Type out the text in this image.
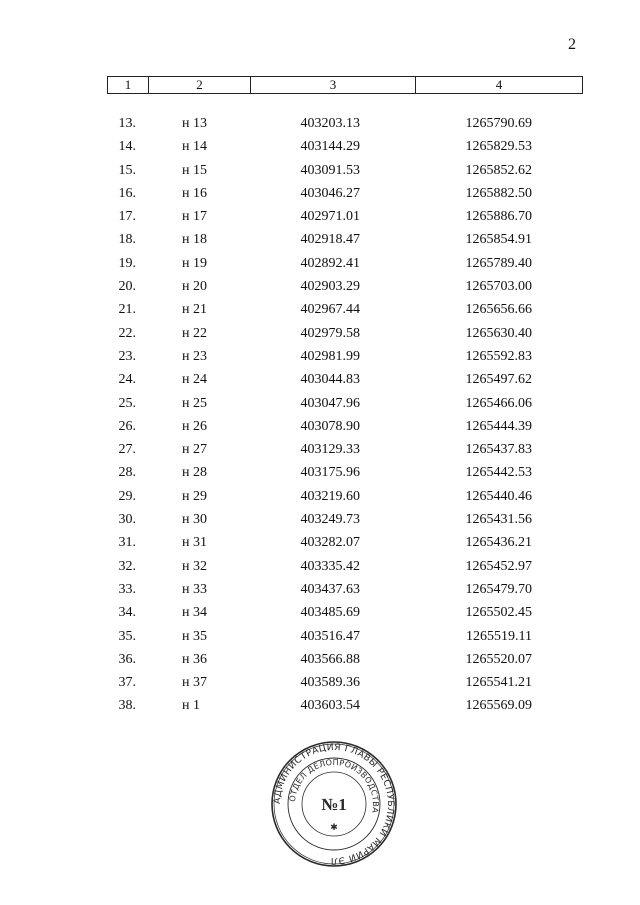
2
1	2	3	4
13.	н 13	403203.13	1265790.69
14.	н 14	403144.29	1265829.53
15.	н 15	403091.53	1265852.62
16.	н 16	403046.27	1265882.50
17.	н 17	402971.01	1265886.70
18.	н 18	402918.47	1265854.91
19.	н 19	402892.41	1265789.40
20.	н 20	402903.29	1265703.00
21.	н 21	402967.44	1265656.66
22.	н 22	402979.58	1265630.40
23.	н 23	402981.99	1265592.83
24.	н 24	403044.83	1265497.62
25.	н 25	403047.96	1265466.06
26.	н 26	403078.90	1265444.39
27.	н 27	403129.33	1265437.83
28.	н 28	403175.96	1265442.53
29.	н 29	403219.60	1265440.46
30.	н 30	403249.73	1265431.56
31.	н 31	403282.07	1265436.21
32.	н 32	403335.42	1265452.97
33.	н 33	403437.63	1265479.70
34.	н 34	403485.69	1265502.45
35.	н 35	403516.47	1265519.11
36.	н 36	403566.88	1265520.07
37.	н 37	403589.36	1265541.21
38.	н 1	403603.54	1265569.09
АДМИНИСТРАЦИЯ ГЛАВЫ РЕСПУБЛИКИ МАРИЙ ЭЛ
ОТДЕЛ ДЕЛОПРОИЗВОДСТВА
№1
✱
